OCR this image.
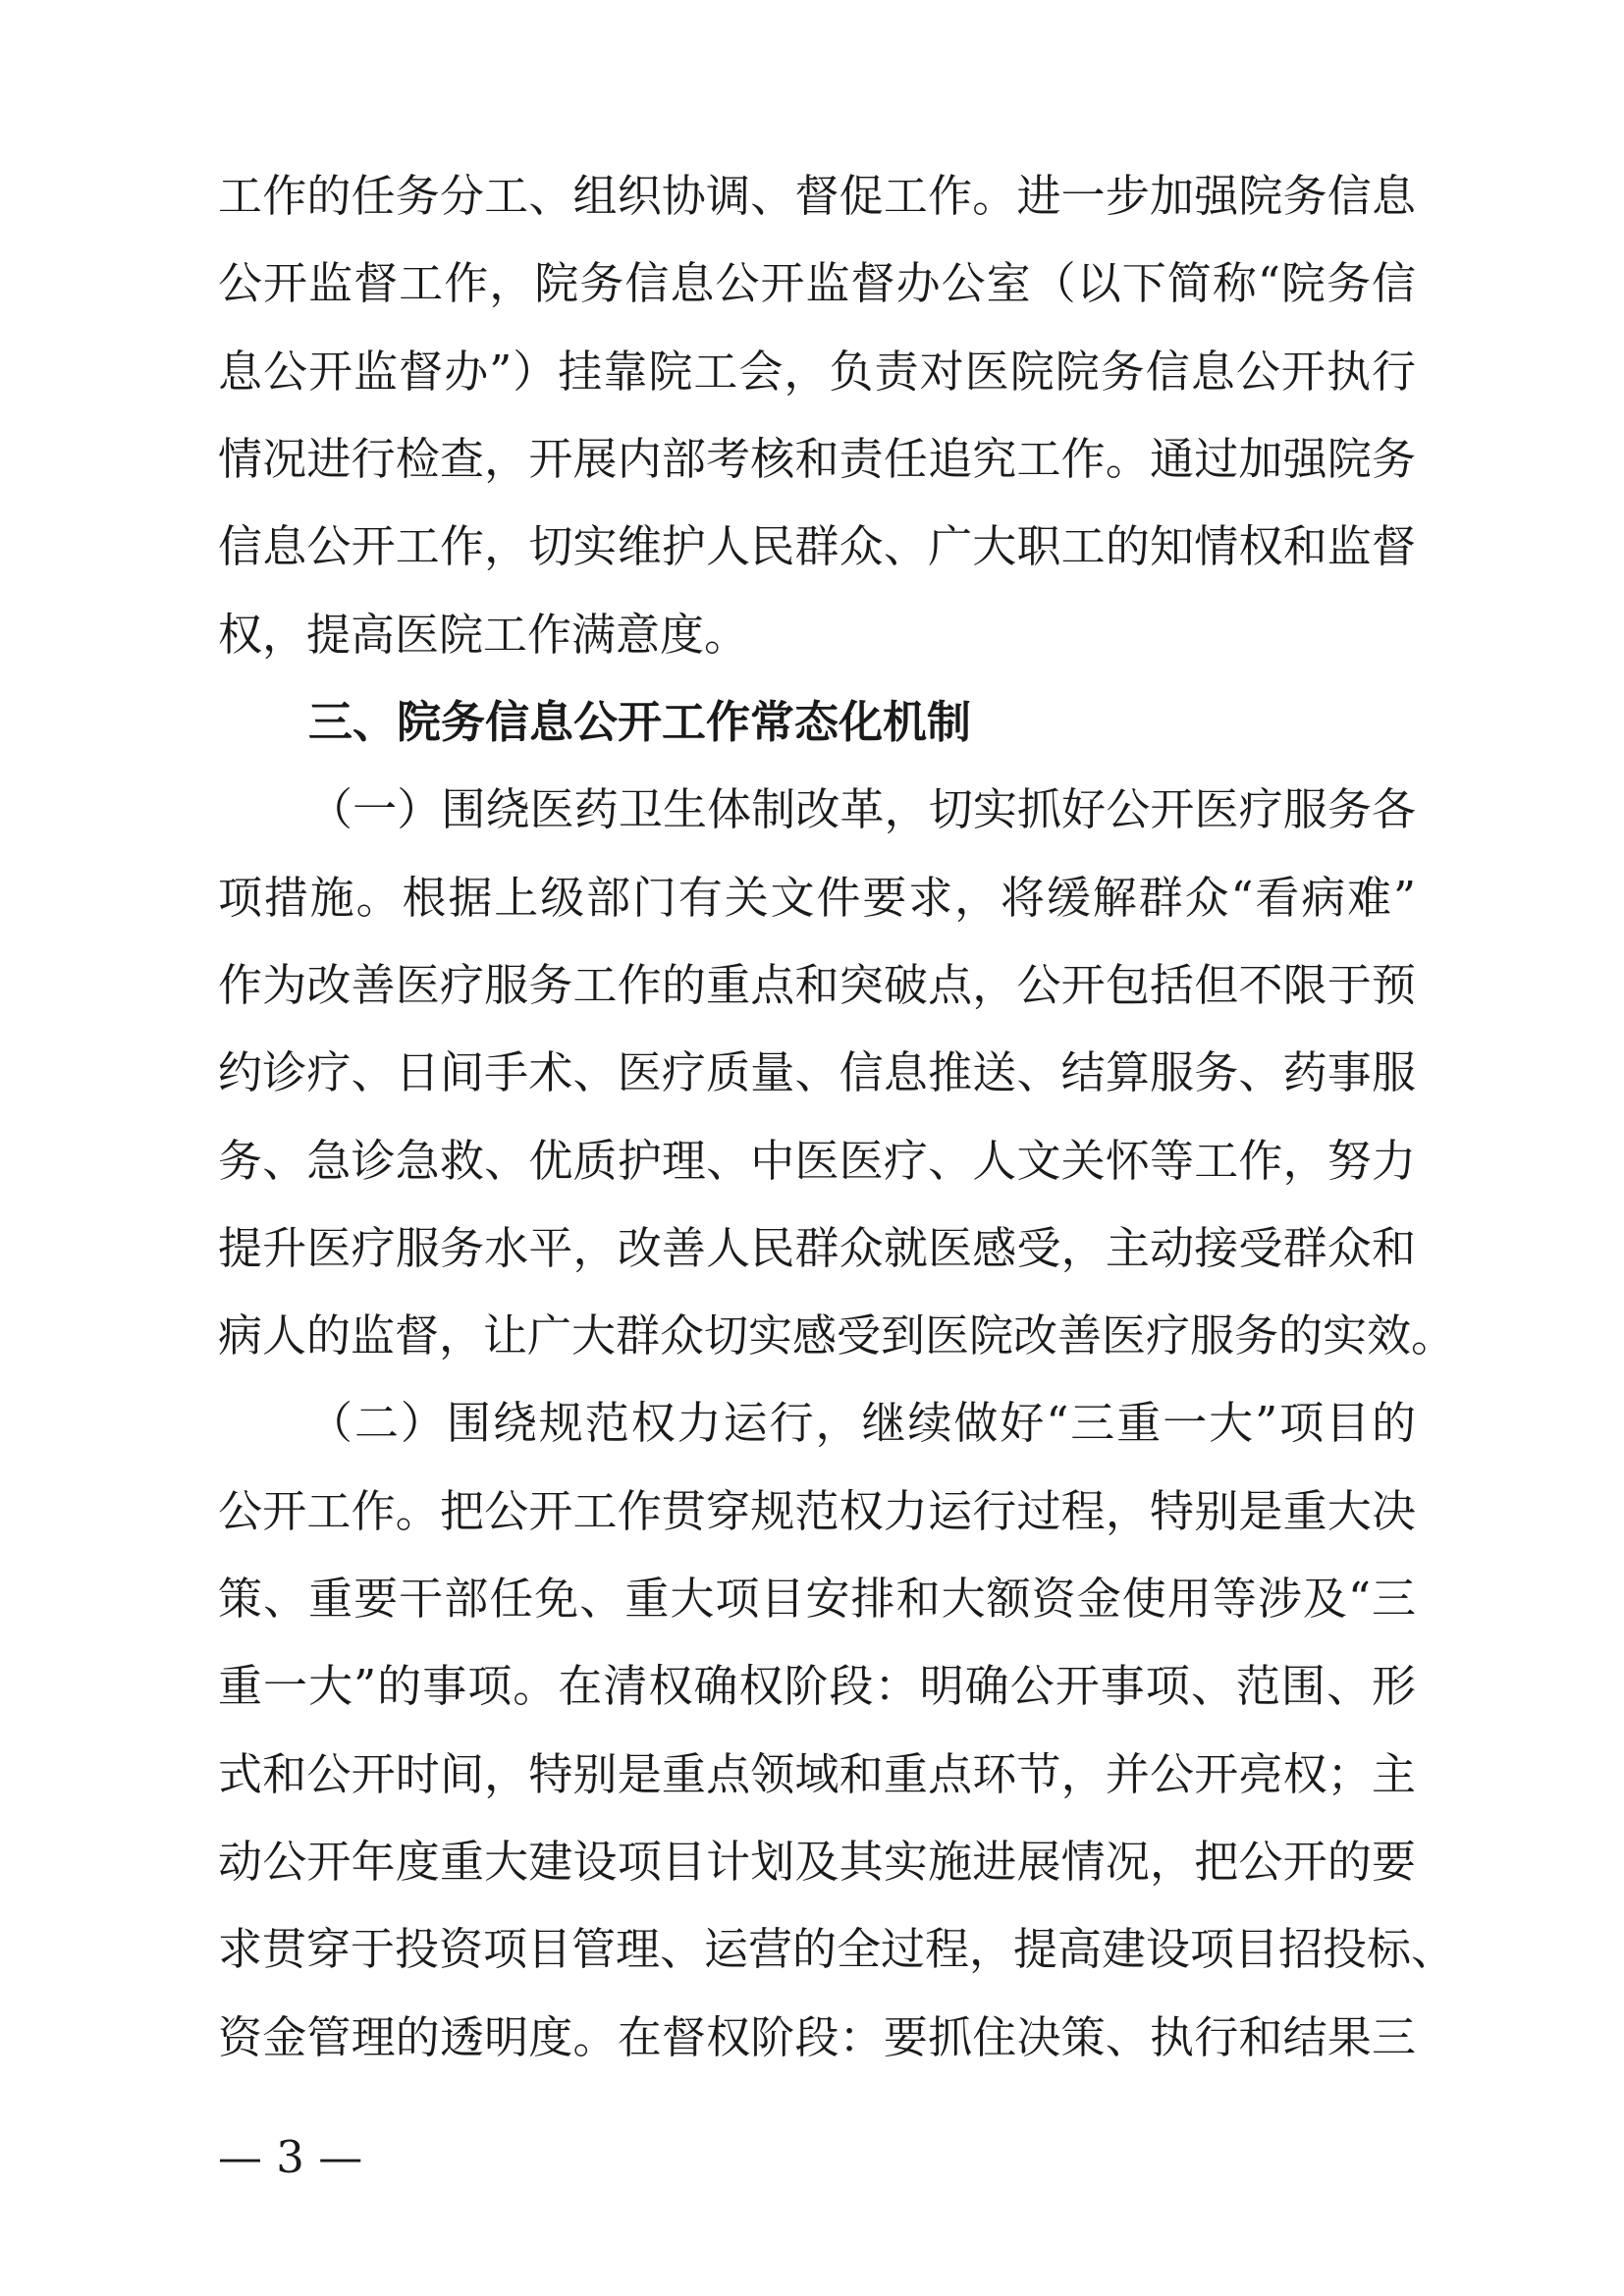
工作的任务分工、组织协调、督促工作。进一步加强院务信息
公开监督工作，院务信息公开监督办公室（以下简称“院务信
息公开监督办”）挂靠院工会，负责对医院院务信息公开执行
情况进行检查，开展内部考核和责任追究工作。通过加强院务
信息公开工作，切实维护人民群众、广大职工的知情权和监督
权，提高医院工作满意度。
三、院务信息公开工作常态化机制
（一）围绕医药卫生体制改革，切实抓好公开医疗服务各
项措施。根据上级部门有关文件要求，将缓解群众“看病难”
作为改善医疗服务工作的重点和突破点，公开包括但不限于预
约诊疗、日间手术、医疗质量、信息推送、结算服务、药事服
务、急诊急救、优质护理、中医医疗、人文关怀等工作，努力
提升医疗服务水平，改善人民群众就医感受，主动接受群众和
病人的监督，让广大群众切实感受到医院改善医疗服务的实效。
（二）围绕规范权力运行，继续做好“三重一大”项目的
公开工作。把公开工作贯穿规范权力运行过程，特别是重大决
策、重要干部任免、重大项目安排和大额资金使用等涉及“三
重一大”的事项。在清权确权阶段：明确公开事项、范围、形
式和公开时间，特别是重点领域和重点环节，并公开亮权；主
动公开年度重大建设项目计划及其实施进展情况，把公开的要
求贯穿于投资项目管理、运营的全过程，提高建设项目招投标、
资金管理的透明度。在督权阶段：要抓住决策、执行和结果三
— 3 —
